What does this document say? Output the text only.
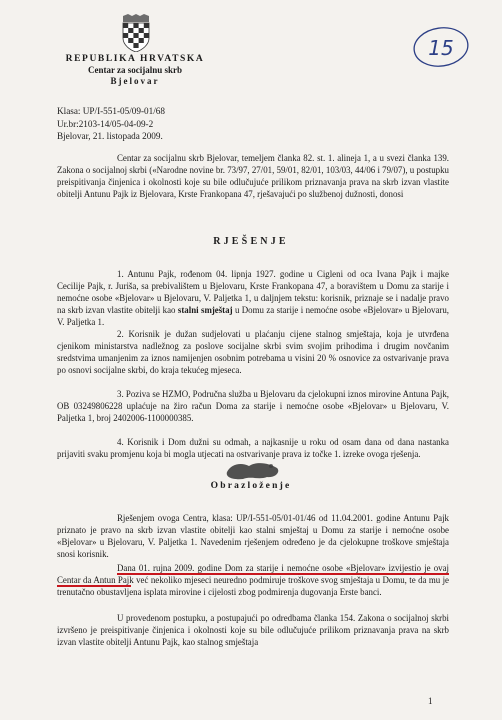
REPUBLIKA HRVATSKA
Centar za socijalnu skrb
Bjelovar
15
Klasa: UP/I-551-05/09-01/68
Ur.br:2103-14/05-04-09-2
Bjelovar, 21. listopada 2009.

Centar za socijalnu skrb Bjelovar, temeljem članka 82. st. 1. alineja 1, a u svezi članka 139. Zakona o socijalnoj skrbi («Narodne novine br. 73/97, 27/01, 59/01, 82/01, 103/03, 44/06 i 79/07), u postupku preispitivanja činjenica i okolnosti koje su bile odlučujuće prilikom priznavanja prava na skrb izvan vlastite obitelji Antunu Pajk iz Bjelovara, Krste Frankopana 47, rješavajući po službenoj dužnosti, donosi

RJEŠENJE

1. Antunu Pajk, rođenom 04. lipnja 1927. godine u Cigleni od oca Ivana Pajk i majke Cecilije Pajk, r. Juriša, sa prebivalištem u Bjelovaru, Krste Frankopana 47, a boravištem u Domu za starije i nemoćne osobe «Bjelovar» u Bjelovaru, V. Paljetka 1, u daljnjem tekstu: korisnik, priznaje se i nadalje pravo na skrb izvan vlastite obitelji kao stalni smještaj u Domu za starije i nemoćne osobe «Bjelovar» u Bjelovaru, V. Paljetka 1.

2. Korisnik je dužan sudjelovati u plaćanju cijene stalnog smještaja, koja je utvrđena cjenikom ministarstva nadležnog za poslove socijalne skrbi svim svojim prihodima i drugim novčanim sredstvima umanjenim za iznos namijenjen osobnim potrebama u visini 20 % osnovice za ostvarivanje prava po osnovi socijalne skrbi, do kraja tekućeg mjeseca.

3. Poziva se HZMO, Područna služba u Bjelovaru da cjelokupni iznos mirovine Antuna Pajk, OB 03249806228 uplaćuje na žiro račun Doma za starije i nemoćne osobe «Bjelovar» u Bjelovaru, V. Paljetka 1, broj 2402006-1100000385.

4. Korisnik i Dom dužni su odmah, a najkasnije u roku od osam dana od dana nastanka prijaviti svaku promjenu koja bi mogla utjecati na ostvarivanje prava iz točke 1. izreke ovoga rješenja.

Obrazloženje

Rješenjem ovoga Centra, klasa: UP/I-551-05/01-01/46 od 11.04.2001. godine Antunu Pajk priznato je pravo na skrb izvan vlastite obitelji kao stalni smještaj u Domu za starije i nemoćne osobe «Bjelovar» u Bjelovaru, V. Paljetka 1. Navedenim rješenjem određeno je da cjelokupne troškove smještaja snosi korisnik.

Dana 01. rujna 2009. godine Dom za starije i nemoćne osobe «Bjelovar» izvijestio je ovaj Centar da Antun Pajk već nekoliko mjeseci neuredno podmiruje troškove svog smještaja u Domu, te da mu je trenutačno obustavljena isplata mirovine i cijelosti zbog podmirenja dugovanja Erste banci.

U provedenom postupku, a postupajući po odredbama članka 154. Zakona o socijalnoj skrbi izvršeno je preispitivanje činjenica i okolnosti koje su bile odlučujuće prilikom priznavanja prava na skrb izvan vlastite obitelji Antunu Pajk, kao stalnog smještaja

1
